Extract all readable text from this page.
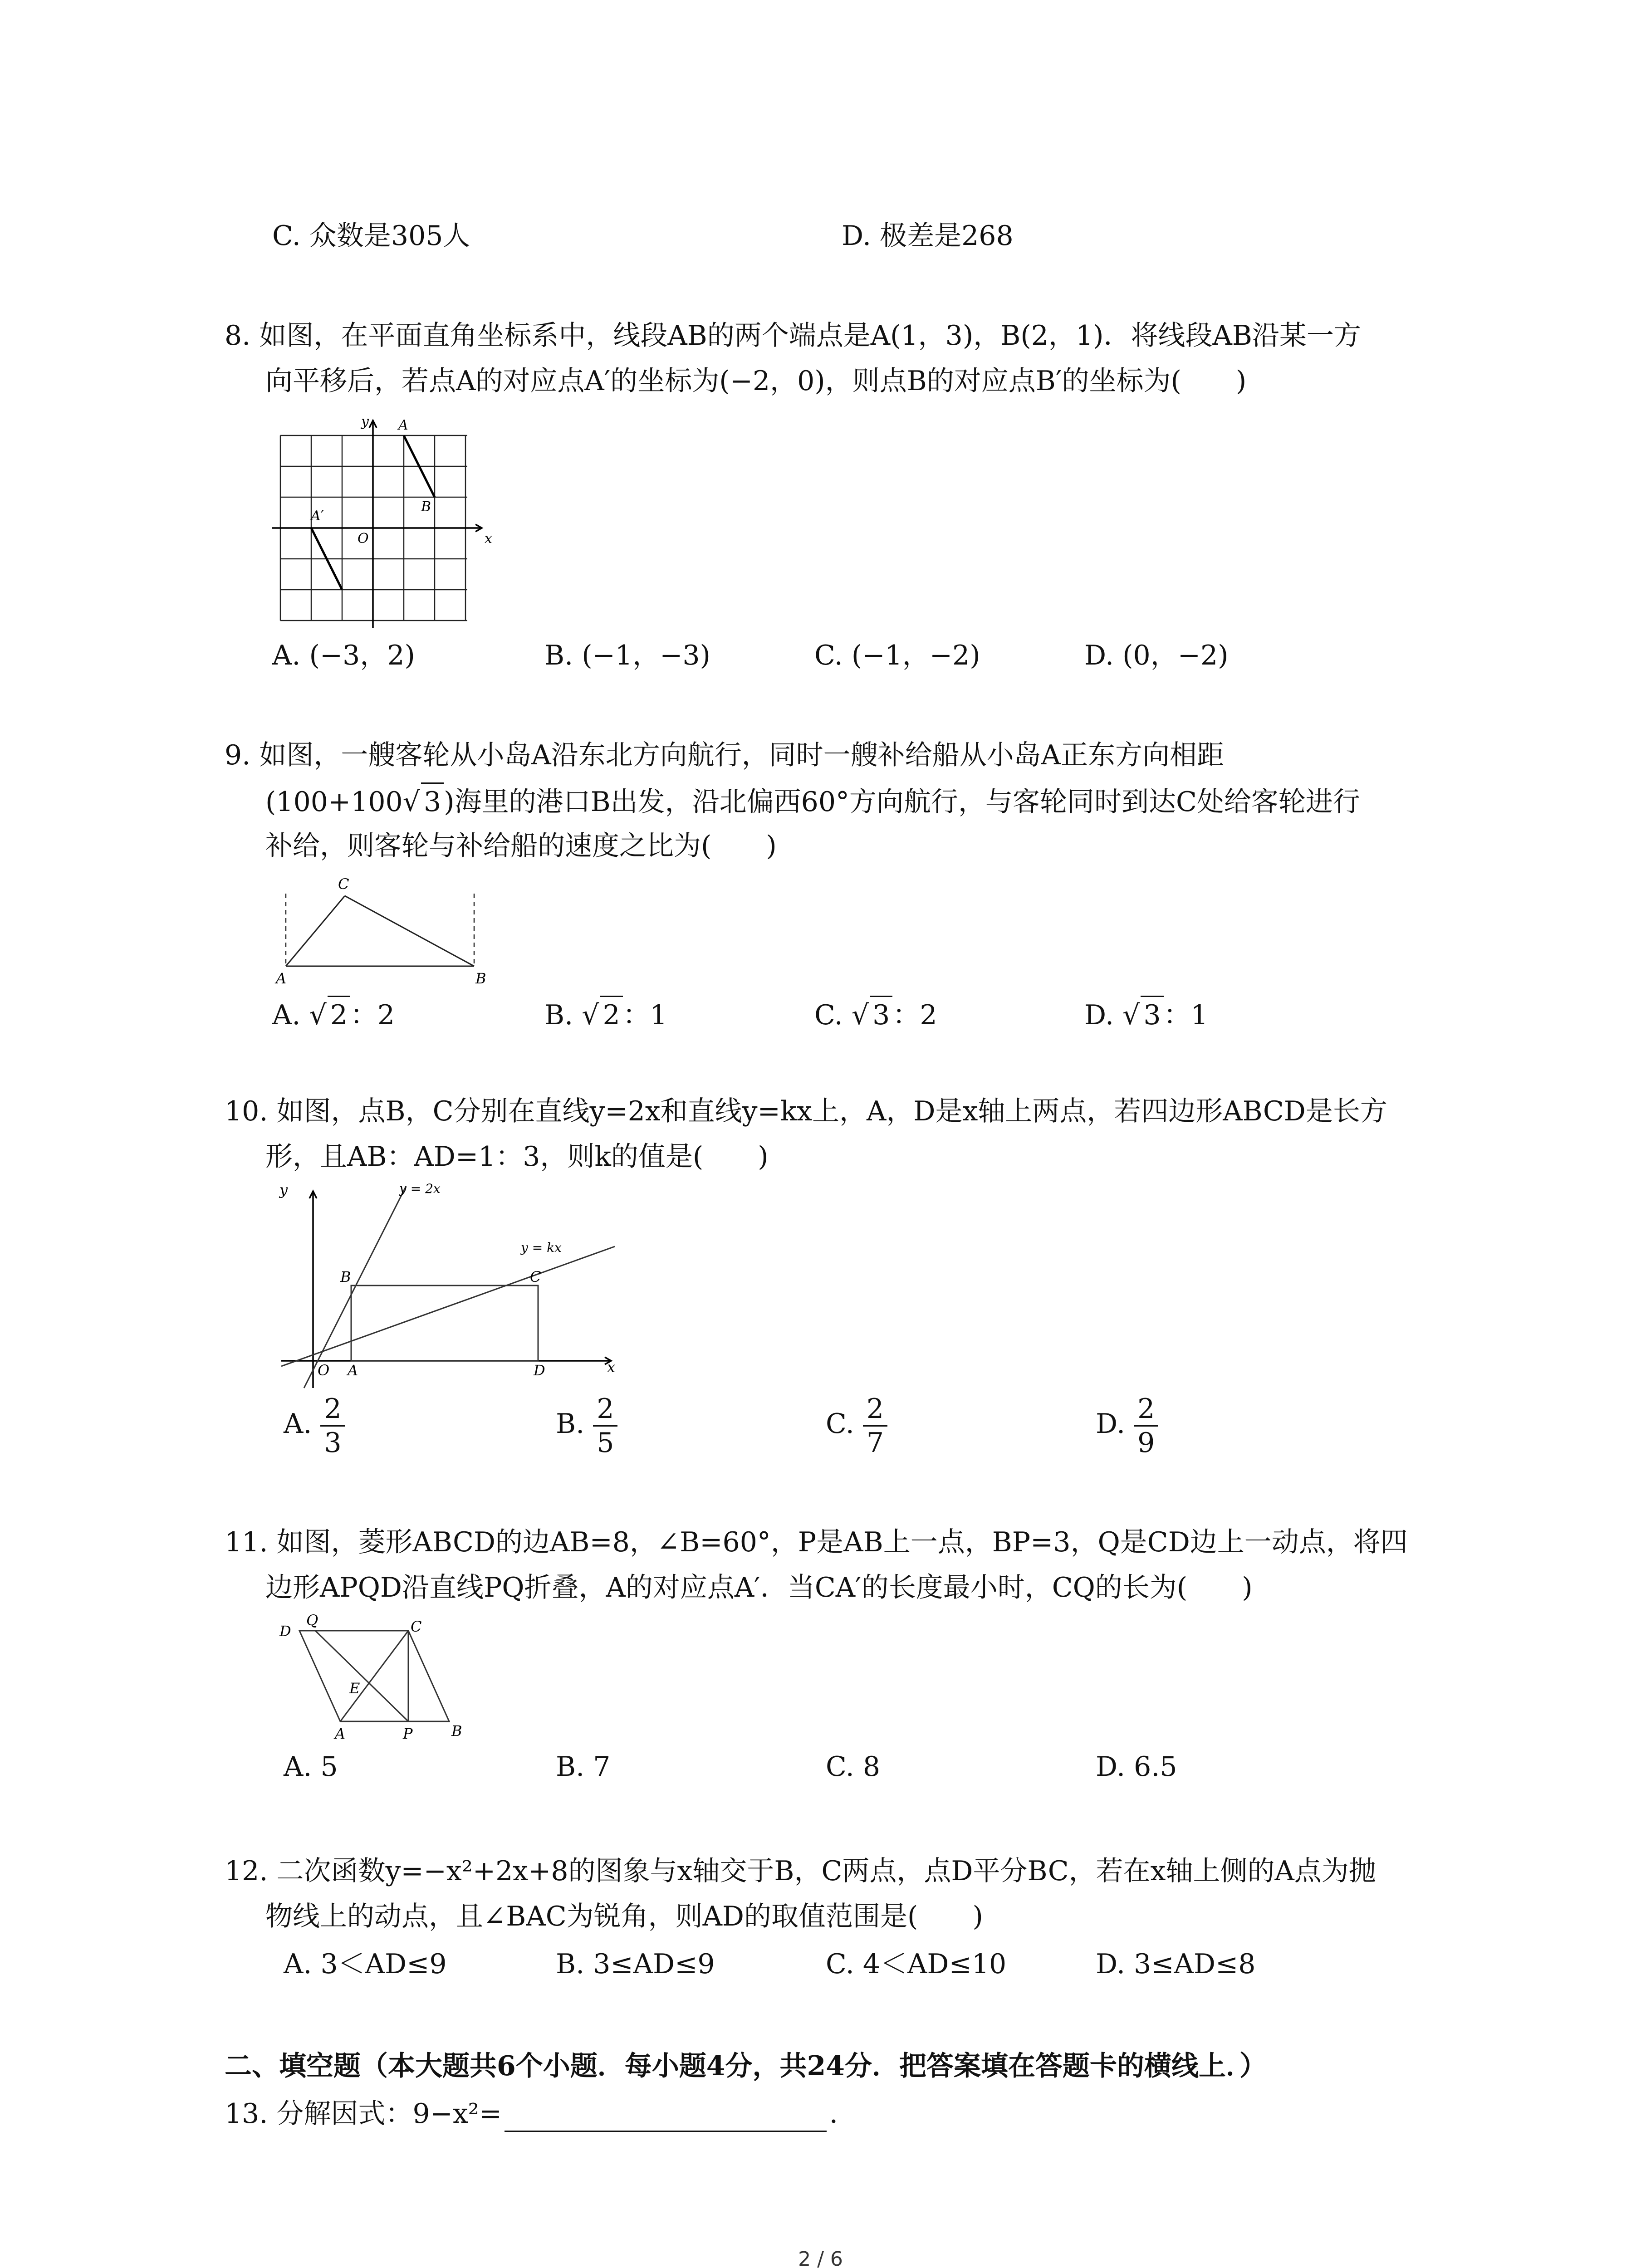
C. 众数是305人	D. 极差是268
8. 如图，在平面直角坐标系中，线段AB的两个端点是A(1，3)，B(2，1)．将线段AB沿某一方
向平移后，若点A的对应点A′的坐标为(−2，0)，则点B的对应点B′的坐标为(　　)
y
x
A
B
A′
O
A. (−3，2)	B. (−1，−3)	C. (−1，−2)	D. (0，−2)
9. 如图，一艘客轮从小岛A沿东北方向航行，同时一艘补给船从小岛A正东方向相距
(100+100√ 3 )海里的港口B出发，沿北偏西60°方向航行，与客轮同时到达C处给客轮进行
补给，则客轮与补给船的速度之比为(　　)
A	B
C
A. √ 2 ：2	B. √ 2 ：1	C. √ 3 ：2	D. √ 3 ：1
10. 如图，点B，C分别在直线y=2x和直线y=kx上，A，D是x轴上两点，若四边形ABCD是长方
形，且AB：AD=1：3，则k的值是(　　)
y
x
y = 2x
y = kx
B	C
O A	D
A. $\frac{2}{3}$	B. $\frac{2}{5}$	C. $\frac{2}{7}$	D. $\frac{2}{9}$
11. 如图，菱形ABCD的边AB=8，∠B=60°，P是AB上一点，BP=3，Q是CD边上一动点，将四
边形APQD沿直线PQ折叠，A的对应点A′．当CA′的长度最小时，CQ的长为(　　)
D
Q	C
E
A	P	B
A. 5	B. 7	C. 8	D. 6.5
12. 二次函数y=−x²+2x+8的图象与x轴交于B，C两点，点D平分BC，若在x轴上侧的A点为抛
物线上的动点，且∠BAC为锐角，则AD的取值范围是(　　)
A. 3＜AD≤9	B. 3≤AD≤9	C. 4＜AD≤10	D. 3≤AD≤8
二、填空题（本大题共6个小题．每小题4分，共24分．把答案填在答题卡的横线上．）
13. 分解因式：9−x²=	．
2 / 6
